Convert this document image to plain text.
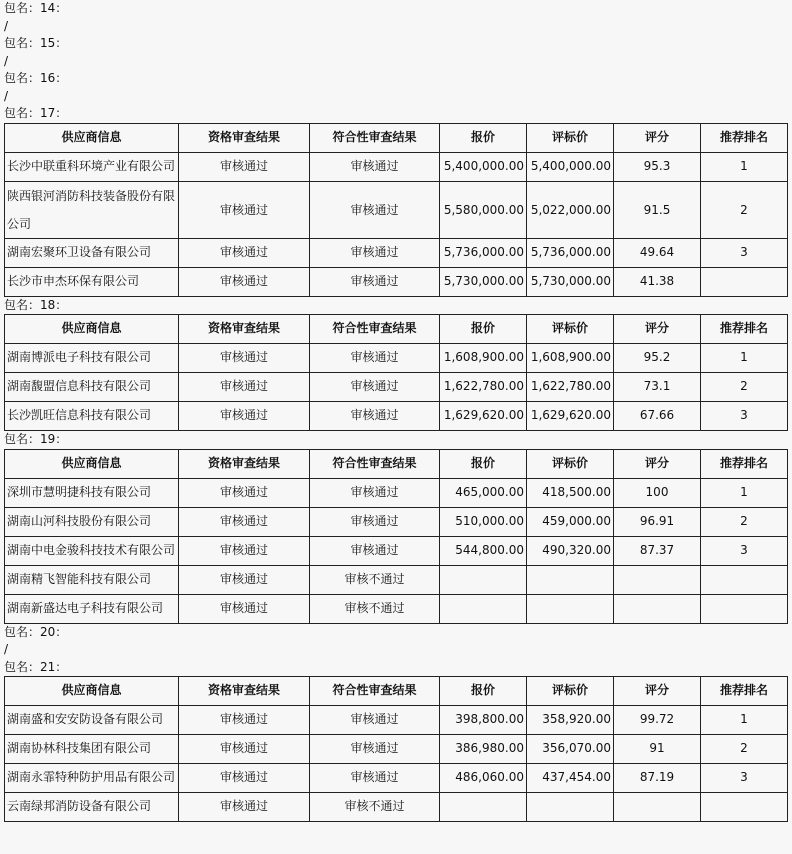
包名：14：
/
包名：15：
/
包名：16：
/
包名：17：
供应商信息	资格审查结果	符合性审查结果	报价	评标价	评分	推荐排名
长沙中联重科环境产业有限公司	审核通过	审核通过	5,400,000.00	5,400,000.00	95.3	1
陕西银河消防科技装备股份有限公司	审核通过	审核通过	5,580,000.00	5,022,000.00	91.5	2
湖南宏聚环卫设备有限公司	审核通过	审核通过	5,736,000.00	5,736,000.00	49.64	3
长沙市申杰环保有限公司	审核通过	审核通过	5,730,000.00	5,730,000.00	41.38	
包名：18：
供应商信息	资格审查结果	符合性审查结果	报价	评标价	评分	推荐排名
湖南博派电子科技有限公司	审核通过	审核通过	1,608,900.00	1,608,900.00	95.2	1
湖南馥盟信息科技有限公司	审核通过	审核通过	1,622,780.00	1,622,780.00	73.1	2
长沙凯旺信息科技有限公司	审核通过	审核通过	1,629,620.00	1,629,620.00	67.66	3
包名：19：
供应商信息	资格审查结果	符合性审查结果	报价	评标价	评分	推荐排名
深圳市慧明捷科技有限公司	审核通过	审核通过	465,000.00	418,500.00	100	1
湖南山河科技股份有限公司	审核通过	审核通过	510,000.00	459,000.00	96.91	2
湖南中电金骏科技技术有限公司	审核通过	审核通过	544,800.00	490,320.00	87.37	3
湖南精飞智能科技有限公司	审核通过	审核不通过				
湖南新盛达电子科技有限公司	审核通过	审核不通过				
包名：20：
/
包名：21：
供应商信息	资格审查结果	符合性审查结果	报价	评标价	评分	推荐排名
湖南盛和安安防设备有限公司	审核通过	审核通过	398,800.00	358,920.00	99.72	1
湖南协林科技集团有限公司	审核通过	审核通过	386,980.00	356,070.00	91	2
湖南永霏特种防护用品有限公司	审核通过	审核通过	486,060.00	437,454.00	87.19	3
云南绿邦消防设备有限公司	审核通过	审核不通过				
